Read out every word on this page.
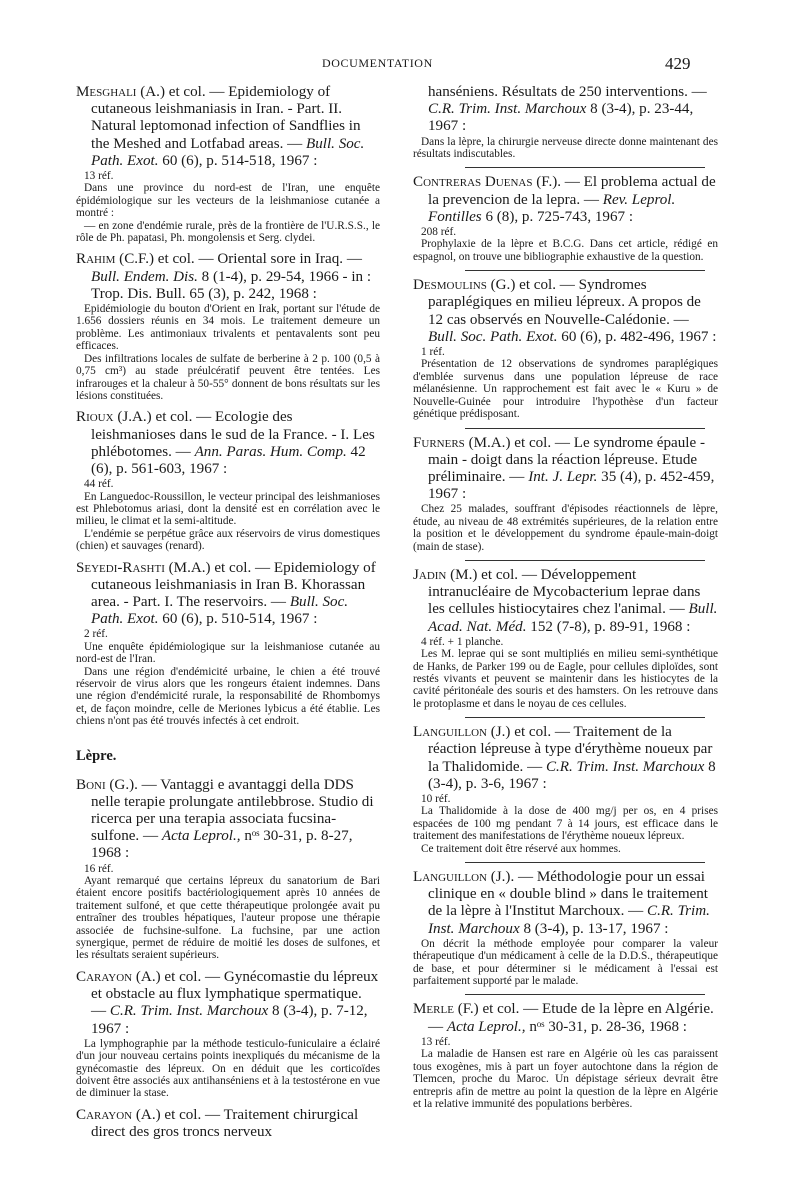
DOCUMENTATION	429

Mesghali (A.) et col. — Epidemiology of cutaneous leishmaniasis in Iran. - Part. II. Natural leptomonad infection of Sandflies in the Meshed and Lotfabad areas. — Bull. Soc. Path. Exot. 60 (6), p. 514-518, 1967 :

13 réf.

Dans une province du nord-est de l'Iran, une enquête épidémiologique sur les vecteurs de la leishmaniose cutanée a montré :

— en zone d'endémie rurale, près de la frontière de l'U.R.S.S., le rôle de Ph. papatasi, Ph. mongolensis et Serg. clydei.

Rahim (C.F.) et col. — Oriental sore in Iraq. — Bull. Endem. Dis. 8 (1-4), p. 29-54, 1966 - in : Trop. Dis. Bull. 65 (3), p. 242, 1968 :

Epidémiologie du bouton d'Orient en Irak, portant sur l'étude de 1.656 dossiers réunis en 34 mois. Le traitement demeure un problème. Les antimoniaux trivalents et pentavalents sont peu efficaces.

Des infiltrations locales de sulfate de berberine à 2 p. 100 (0,5 à 0,75 cm³) au stade préulcératif peuvent être tentées. Les infrarouges et la chaleur à 50-55° donnent de bons résultats sur les lésions constituées.

Rioux (J.A.) et col. — Ecologie des leishmanioses dans le sud de la France. - I. Les phlébotomes. — Ann. Paras. Hum. Comp. 42 (6), p. 561-603, 1967 :

44 réf.

En Languedoc-Roussillon, le vecteur principal des leishmanioses est Phlebotomus ariasi, dont la densité est en corrélation avec le milieu, le climat et la semi-altitude.

L'endémie se perpétue grâce aux réservoirs de virus domestiques (chien) et sauvages (renard).

Seyedi-Rashti (M.A.) et col. — Epidemiology of cutaneous leishmaniasis in Iran B. Khorassan area. - Part. I. The reservoirs. — Bull. Soc. Path. Exot. 60 (6), p. 510-514, 1967 :

2 réf.

Une enquête épidémiologique sur la leishmaniose cutanée au nord-est de l'Iran.

Dans une région d'endémicité urbaine, le chien a été trouvé réservoir de virus alors que les rongeurs étaient indemnes. Dans une région d'endémicité rurale, la responsabilité de Rhombomys et, de façon moindre, celle de Meriones lybicus a été établie. Les chiens n'ont pas été trouvés infectés à cet endroit.

Lèpre.

Boni (G.). — Vantaggi e avantaggi della DDS nelle terapie prolungate antilebbrose. Studio di ricerca per una terapia associata fucsina-sulfone. — Acta Leprol., nᵒˢ 30-31, p. 8-27, 1968 :

16 réf.

Ayant remarqué que certains lépreux du sanatorium de Bari étaient encore positifs bactériologiquement après 10 années de traitement sulfoné, et que cette thérapeutique prolongée avait pu entraîner des troubles hépatiques, l'auteur propose une thérapie associée de fuchsine-sulfone. La fuchsine, par une action synergique, permet de réduire de moitié les doses de sulfones, et les résultats seraient supérieurs.

Carayon (A.) et col. — Gynécomastie du lépreux et obstacle au flux lymphatique spermatique. — C.R. Trim. Inst. Marchoux 8 (3-4), p. 7-12, 1967 :

La lymphographie par la méthode testiculo-funiculaire a éclairé d'un jour nouveau certains points inexpliqués du mécanisme de la gynécomastie des lépreux. On en déduit que les corticoïdes doivent être associés aux antihanséniens et à la testostérone en vue de diminuer la stase.

Carayon (A.) et col. — Traitement chirurgical direct des gros troncs nerveux

hanséniens. Résultats de 250 interventions. — C.R. Trim. Inst. Marchoux 8 (3-4), p. 23-44, 1967 :

Dans la lèpre, la chirurgie nerveuse directe donne maintenant des résultats indiscutables.

Contreras Duenas (F.). — El problema actual de la prevencion de la lepra. — Rev. Leprol. Fontilles 6 (8), p. 725-743, 1967 :

208 réf.

Prophylaxie de la lèpre et B.C.G. Dans cet article, rédigé en espagnol, on trouve une bibliographie exhaustive de la question.

Desmoulins (G.) et col. — Syndromes paraplégiques en milieu lépreux. A propos de 12 cas observés en Nouvelle-Calédonie. — Bull. Soc. Path. Exot. 60 (6), p. 482-496, 1967 :

1 réf.

Présentation de 12 observations de syndromes paraplégiques d'emblée survenus dans une population lépreuse de race mélanésienne. Un rapprochement est fait avec le « Kuru » de Nouvelle-Guinée pour introduire l'hypothèse d'un facteur génétique prédisposant.

Furners (M.A.) et col. — Le syndrome épaule - main - doigt dans la réaction lépreuse. Etude préliminaire. — Int. J. Lepr. 35 (4), p. 452-459, 1967 :

Chez 25 malades, souffrant d'épisodes réactionnels de lèpre, étude, au niveau de 48 extrémités supérieures, de la relation entre la position et le développement du syndrome épaule-main-doigt (main de stase).

Jadin (M.) et col. — Développement intranucléaire de Mycobacterium leprae dans les cellules histiocytaires chez l'animal. — Bull. Acad. Nat. Méd. 152 (7-8), p. 89-91, 1968 :

4 réf. + 1 planche.

Les M. leprae qui se sont multipliés en milieu semi-synthétique de Hanks, de Parker 199 ou de Eagle, pour cellules diploïdes, sont restés vivants et peuvent se maintenir dans les histiocytes de la cavité péritonéale des souris et des hamsters. On les retrouve dans le protoplasme et dans le noyau de ces cellules.

Languillon (J.) et col. — Traitement de la réaction lépreuse à type d'érythème noueux par la Thalidomide. — C.R. Trim. Inst. Marchoux 8 (3-4), p. 3-6, 1967 :

10 réf.

La Thalidomide à la dose de 400 mg/j per os, en 4 prises espacées de 100 mg pendant 7 à 14 jours, est efficace dans le traitement des manifestations de l'érythème noueux lépreux.

Ce traitement doit être réservé aux hommes.

Languillon (J.). — Méthodologie pour un essai clinique en « double blind » dans le traitement de la lèpre à l'Institut Marchoux. — C.R. Trim. Inst. Marchoux 8 (3-4), p. 13-17, 1967 :

On décrit la méthode employée pour comparer la valeur thérapeutique d'un médicament à celle de la D.D.S., thérapeutique de base, et pour déterminer si le médicament à l'essai est parfaitement supporté par le malade.

Merle (F.) et col. — Etude de la lèpre en Algérie. — Acta Leprol., nᵒˢ 30-31, p. 28-36, 1968 :

13 réf.

La maladie de Hansen est rare en Algérie où les cas paraissent tous exogènes, mis à part un foyer autochtone dans la région de Tlemcen, proche du Maroc. Un dépistage sérieux devrait être entrepris afin de mettre au point la question de la lèpre en Algérie et la relative immunité des populations berbères.
